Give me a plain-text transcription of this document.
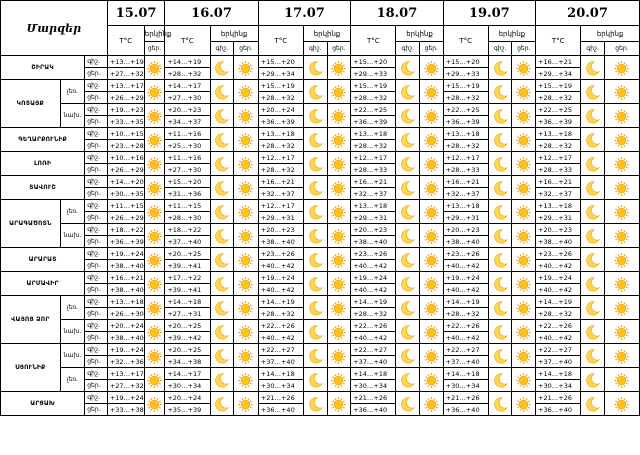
Մարզեր			15.07		16.07			17.07			18.07			19.07			20.07		
			T°C	երկինք	T°C	երկինք		T°C	երկինք		T°C	երկինք		T°C	երկինք		T°C	երկինք	
				ցեր.		գիշ.	ցեր.		գիշ.	ցեր.		գիշ.	ցեր.		գիշ.	ցեր.		գիշ.	ցեր.
ՇԻՐԱԿ		գիշ.	+13…+19		+14…+19			+15…+20			+15…+20			+15…+20			+16…+21	

		ցեր.	+27…+32		+28…+32			+29…+34			+29…+33			+29…+33			+29…+34		
ԿՈՏԱՅՔ	լեռ.	գիշ.	+13…+17		+14…+17			+15…+19			+15…+19			+15…+19			+15…+19	

		ցեր.	+26…+29		+27…+30			+28…+32			+28…+32			+28…+32			+28…+32		
	նախ.	գիշ.	+19…+23		+20…+23			+20…+24			+22…+25			+22…+25			+22…+25	

		ցեր.	+33…+35		+34…+37			+36…+39			+36…+39			+36…+39			+36…+39		
ԳԵՂԱՐՔՈՒՆԻՔ		գիշ.	+10…+15		+11…+16			+13…+18			+13…+18			+13…+18			+13…+18	

		ցեր.	+23…+28		+25…+30			+28…+32			+28…+32			+28…+32			+28…+32		
ԼՈՌԻ		գիշ.	+10…+16		+11…+16			+12…+17			+12…+17			+12…+17			+12…+17	

		ցեր.	+26…+29		+27…+30			+28…+32			+28…+33			+28…+33			+28…+33		
ՏԱՎՈՒՇ		գիշ.	+14…+20		+15…+20			+16…+21			+16…+21			+16…+21			+16…+21	

		ցեր.	+30…+35		+31…+36			+32…+37			+32…+37			+32…+37			+32…+37		
ԱՐԱԳԱԾՈՏՆ	լեռ.	գիշ.	+11…+15		+11…+15			+12…+17			+13…+18			+13…+18			+13…+18	

		ցեր.	+26…+29		+28…+30			+29…+31			+29…+31			+29…+31			+29…+31		
	նախ.	գիշ.	+18…+22		+18…+22			+20…+23			+20…+23			+20…+23			+20…+23	

		ցեր.	+36…+39		+37…+40			+38…+40			+38…+40			+38…+40			+38…+40		
ԱՐԱՐԱՏ		գիշ.	+19…+24		+20…+25			+23…+26			+23…+26			+23…+26			+23…+26	

		ցեր.	+38…+40		+39…+41			+40…+42			+40…+42			+40…+42			+40…+42		
ԱՐՄԱՎԻՐ		գիշ.	+16…+21		+17…+22			+19…+24			+19…+24			+19…+24			+19…+24	

		ցեր.	+38…+40		+39…+41			+40…+42			+40…+42			+40…+42			+40…+42		
ՎԱՅՈՑ ՁՈՐ	լեռ.	գիշ.	+13…+18		+14…+18			+14…+19			+14…+19			+14…+19			+14…+19	

		ցեր.	+26…+30		+27…+31			+28…+32			+28…+32			+28…+32			+28…+32		
	նախ.	գիշ.	+20…+24		+20…+25			+22…+26			+22…+26			+22…+26			+22…+26	

		ցեր.	+38…+40		+39…+42			+40…+42			+40…+42			+40…+42			+40…+42		
ՍՅՈՒՆԻՔ	նախ.	գիշ.	+19…+24		+20…+25			+22…+27			+22…+27			+22…+27			+22…+27	

		ցեր.	+32…+36		+34…+38			+37…+40			+37…+40			+37…+40			+37…+40		
	լեռ.	գիշ.	+13…+17		+14…+17			+14…+18			+14…+18			+14…+18			+14…+18	

		ցեր.	+27…+32		+30…+34			+30…+34			+30…+34			+30…+34			+30…+34		
ԱՐՑԱԽ		գիշ.	+19…+24		+20…+24			+21…+26			+21…+26			+21…+26			+21…+26	

		ցեր.	+33…+38		+35…+39			+36…+40			+36…+40			+36…+40			+36…+40		
